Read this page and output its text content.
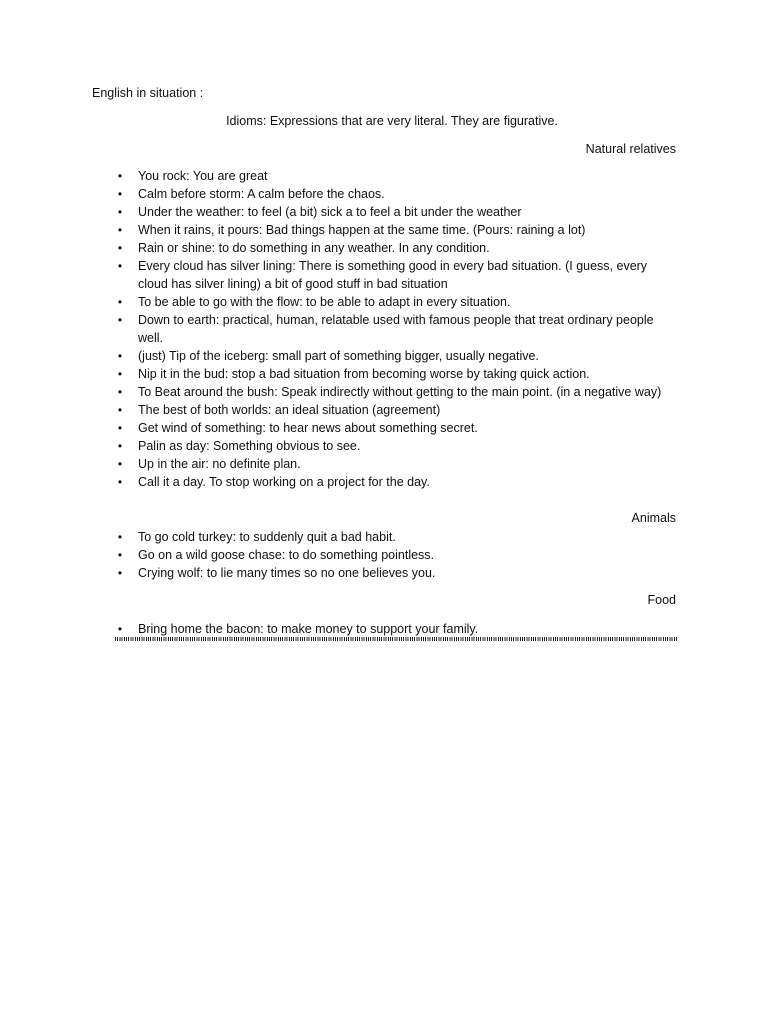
English in situation :
Idioms: Expressions that are very literal. They are figurative.
Natural relatives
• You rock: You are great
• Calm before storm: A calm before the chaos.
• Under the weather: to feel (a bit) sick a to feel a bit under the weather
• When it rains, it pours: Bad things happen at the same time. (Pours: raining a lot)
• Rain or shine: to do something in any weather. In any condition.
• Every cloud has silver lining: There is something good in every bad situation. (I guess, every cloud has silver lining) a bit of good stuff in bad situation
• To be able to go with the flow: to be able to adapt in every situation.
• Down to earth: practical, human, relatable used with famous people that treat ordinary people well.
• (just) Tip of the iceberg: small part of something bigger, usually negative.
• Nip it in the bud: stop a bad situation from becoming worse by taking quick action.
• To Beat around the bush: Speak indirectly without getting to the main point. (in a negative way)
• The best of both worlds: an ideal situation (agreement)
• Get wind of something: to hear news about something secret.
• Palin as day: Something obvious to see.
• Up in the air: no definite plan.
• Call it a day. To stop working on a project for the day.
Animals
• To go cold turkey: to suddenly quit a bad habit.
• Go on a wild goose chase: to do something pointless.
• Crying wolf: to lie many times so no one believes you.
Food
• Bring home the bacon: to make money to support your family.
